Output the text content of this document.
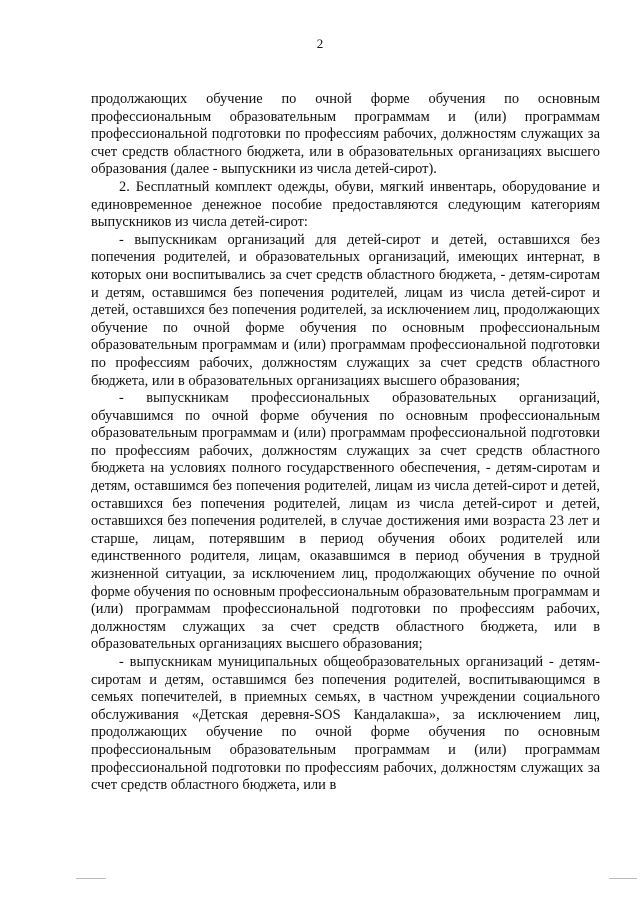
2

продолжающих обучение по очной форме обучения по основным профессиональным образовательным программам и (или) программам профессиональной подготовки по профессиям рабочих, должностям служащих за счет средств областного бюджета, или в образовательных организациях высшего образования (далее - выпускники из числа детей-сирот).

2. Бесплатный комплект одежды, обуви, мягкий инвентарь, оборудование и единовременное денежное пособие предоставляются следующим категориям выпускников из числа детей-сирот:

- выпускникам организаций для детей-сирот и детей, оставшихся без попечения родителей, и образовательных организаций, имеющих интернат, в которых они воспитывались за счет средств областного бюджета, - детям-сиротам и детям, оставшимся без попечения родителей, лицам из числа детей-сирот и детей, оставшихся без попечения родителей, за исключением лиц, продолжающих обучение по очной форме обучения по основным профессиональным образовательным программам и (или) программам профессиональной подготовки по профессиям рабочих, должностям служащих за счет средств областного бюджета, или в образовательных организациях высшего образования;

- выпускникам профессиональных образовательных организаций, обучавшимся по очной форме обучения по основным профессиональным образовательным программам и (или) программам профессиональной подготовки по профессиям рабочих, должностям служащих за счет средств областного бюджета на условиях полного государственного обеспечения, - детям-сиротам и детям, оставшимся без попечения родителей, лицам из числа детей-сирот и детей, оставшихся без попечения родителей, лицам из числа детей-сирот и детей, оставшихся без попечения родителей, в случае достижения ими возраста 23 лет и старше, лицам, потерявшим в период обучения обоих родителей или единственного родителя, лицам, оказавшимся в период обучения в трудной жизненной ситуации, за исключением лиц, продолжающих обучение по очной форме обучения по основным профессиональным образовательным программам и (или) программам профессиональной подготовки по профессиям рабочих, должностям служащих за счет средств областного бюджета, или в образовательных организациях высшего образования;

- выпускникам муниципальных общеобразовательных организаций - детям-сиротам и детям, оставшимся без попечения родителей, воспитывающимся в семьях попечителей, в приемных семьях, в частном учреждении социального обслуживания «Детская деревня-SOS Кандалакша», за исключением лиц, продолжающих обучение по очной форме обучения по основным профессиональным образовательным программам и (или) программам профессиональной подготовки по профессиям рабочих, должностям служащих за счет средств областного бюджета, или в
